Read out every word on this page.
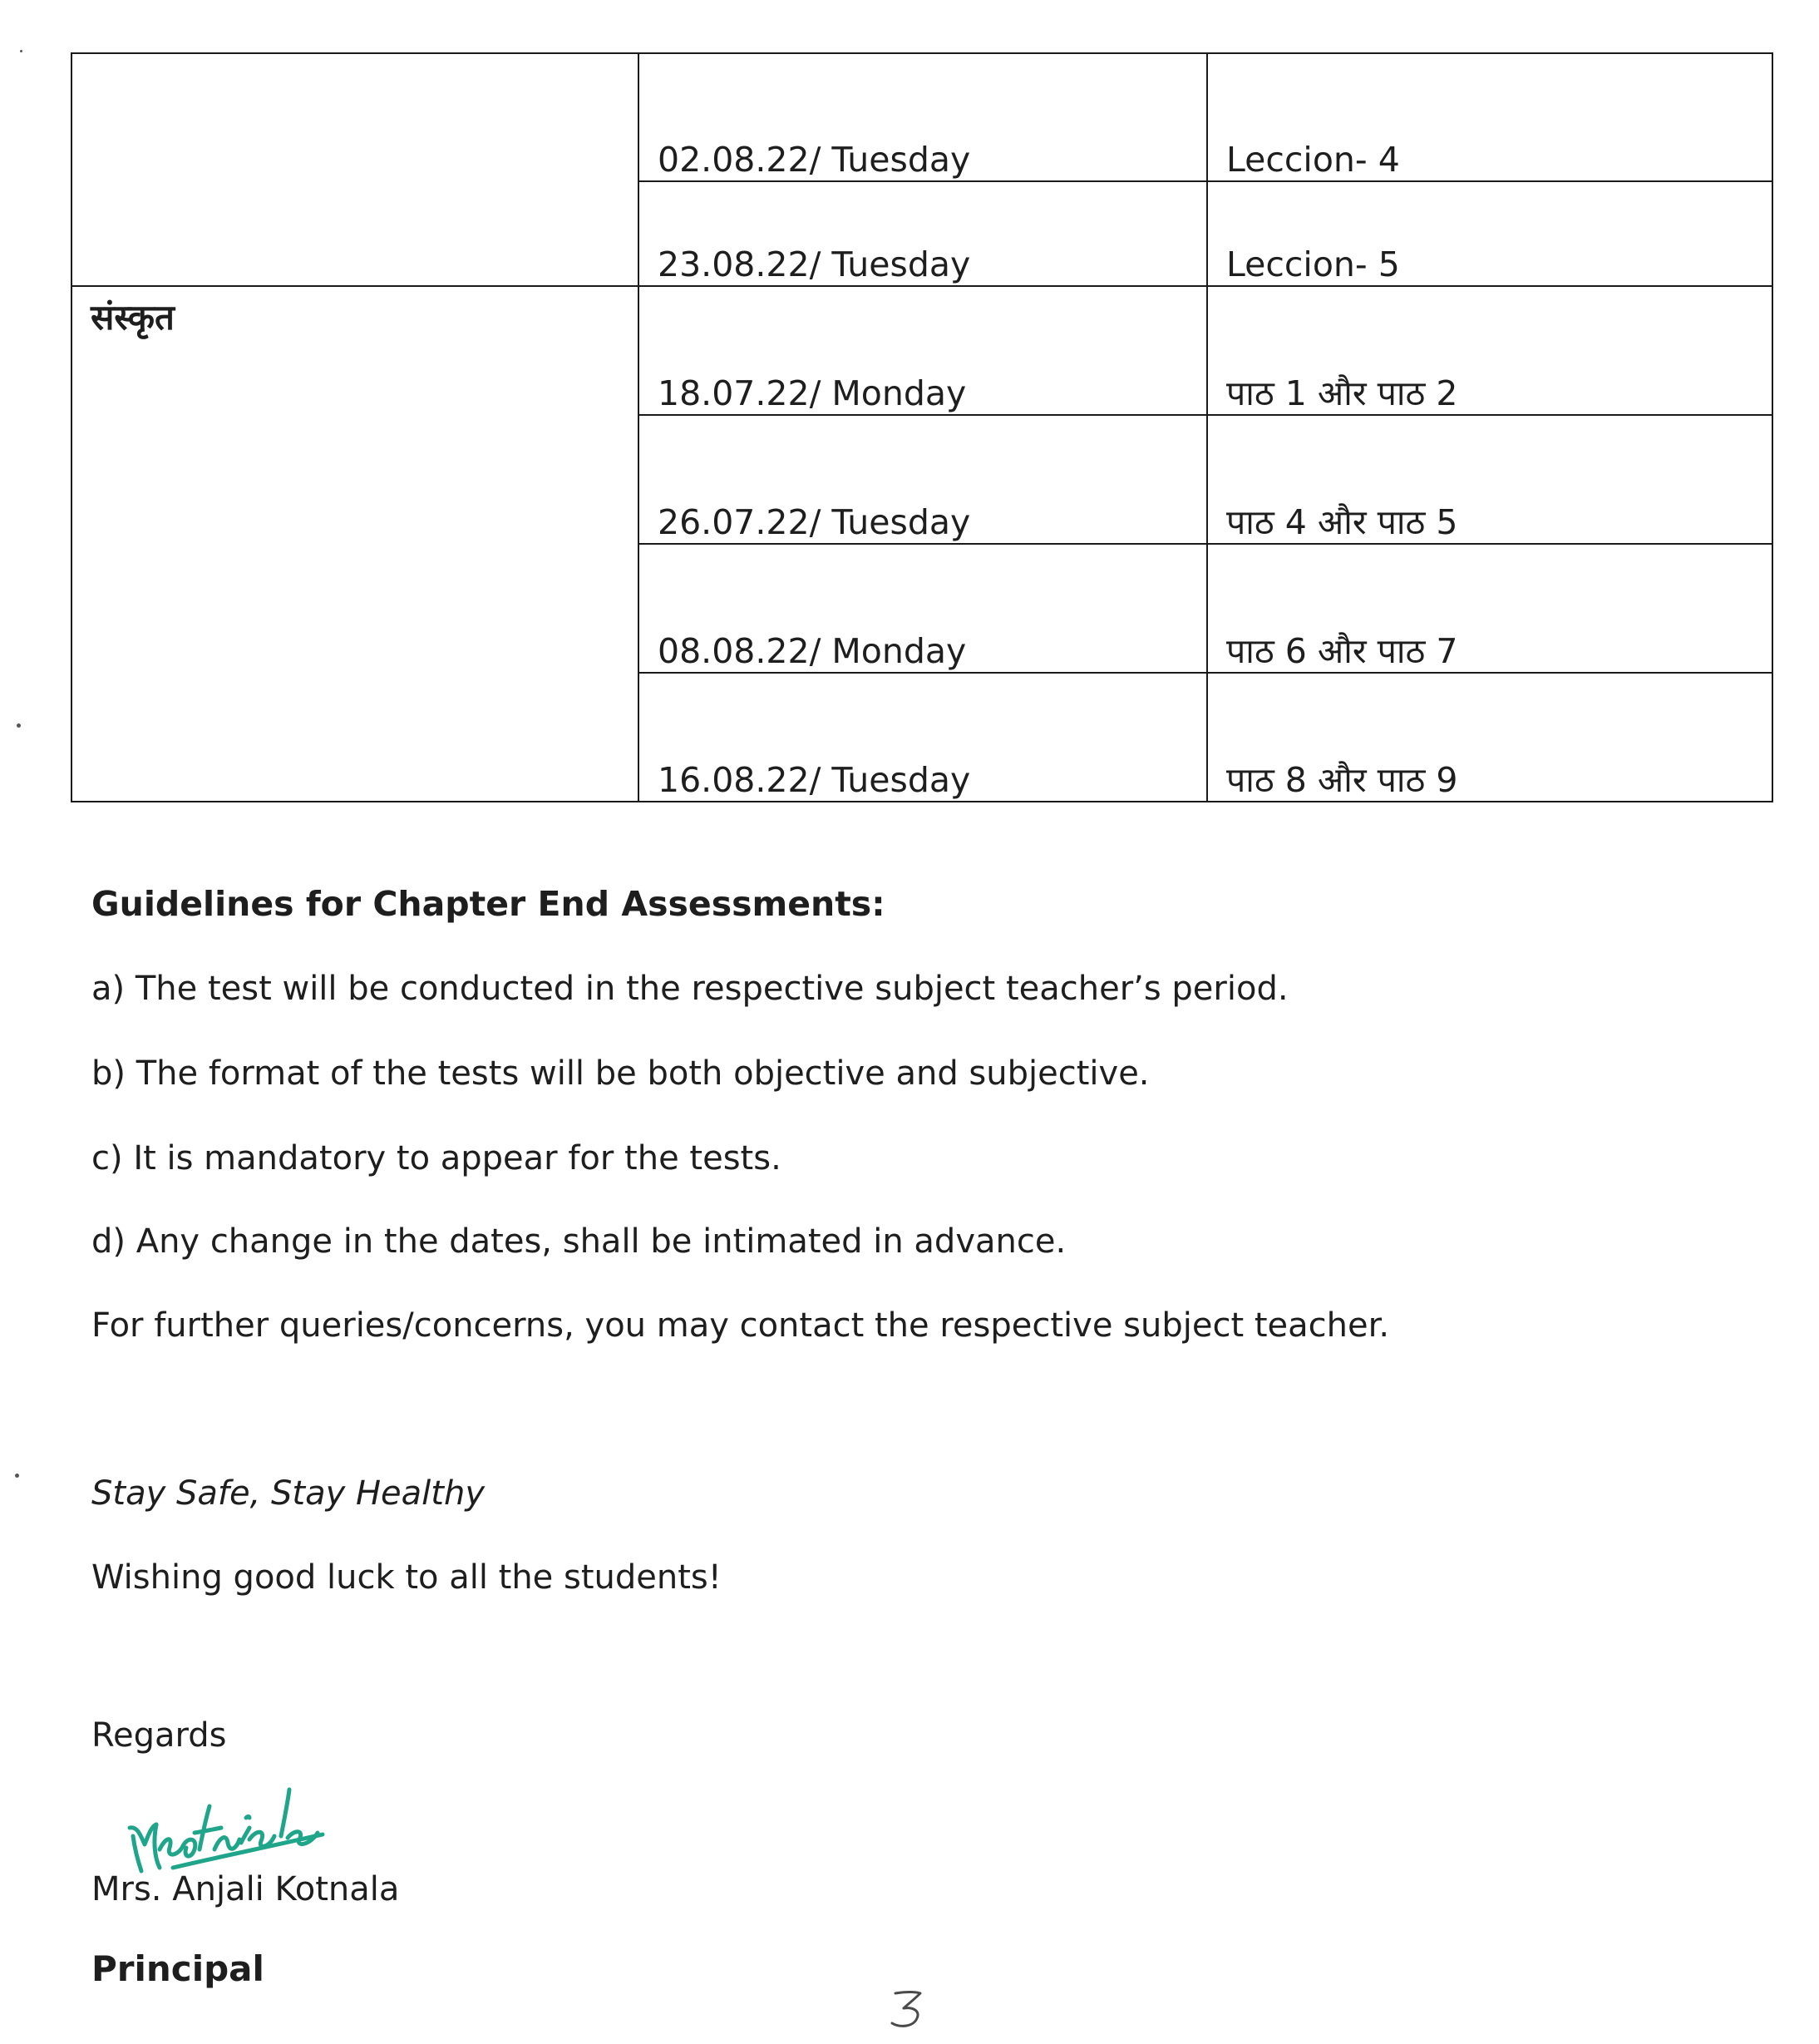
	02.08.22/ Tuesday	Leccion- 4
	23.08.22/ Tuesday	Leccion- 5
संस्कृत	18.07.22/ Monday	पाठ 1 और पाठ 2
	26.07.22/ Tuesday	पाठ 4 और पाठ 5
	08.08.22/ Monday	पाठ 6 और पाठ 7
	16.08.22/ Tuesday	पाठ 8 और पाठ 9
Guidelines for Chapter End Assessments:
a) The test will be conducted in the respective subject teacher’s period.
b) The format of the tests will be both objective and subjective.
c) It is mandatory to appear for the tests.
d) Any change in the dates, shall be intimated in advance.
For further queries/concerns, you may contact the respective subject teacher.
Stay Safe, Stay Healthy
Wishing good luck to all the students!
Regards
Mrs. Anjali Kotnala
Principal
